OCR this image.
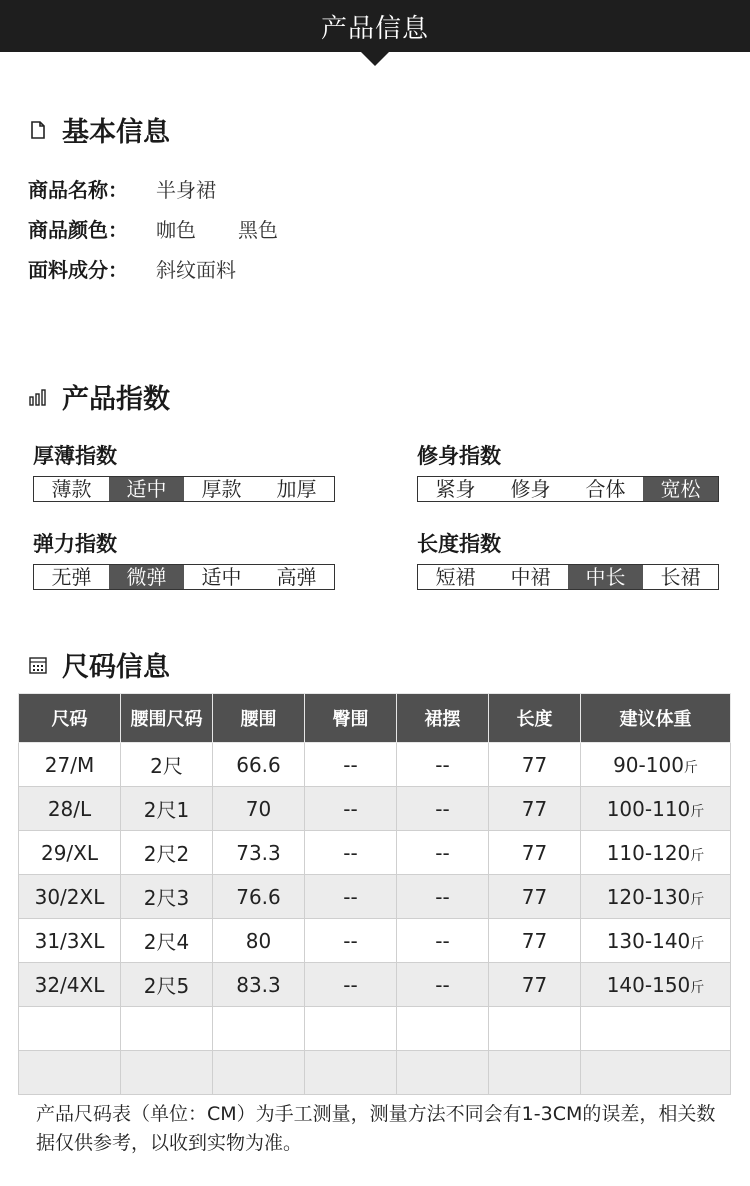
产品信息
基本信息
商品名称：	半身裙
商品颜色：	咖色 黑色
面料成分：	斜纹面料
产品指数
厚薄指数
薄款	适中	厚款	加厚
修身指数
紧身	修身	合体	宽松
弹力指数
无弹	微弹	适中	高弹
长度指数
短裙	中裙	中长	长裙
尺码信息
尺码	腰围尺码	腰围	臀围	裙摆	长度	建议体重
27/M	2尺	66.6	--	--	77	90-100斤
28/L	2尺1	70	--	--	77	100-110斤
29/XL	2尺2	73.3	--	--	77	110-120斤
30/2XL	2尺3	76.6	--	--	77	120-130斤
31/3XL	2尺4	80	--	--	77	130-140斤
32/4XL	2尺5	83.3	--	--	77	140-150斤

产品尺码表（单位：CM）为手工测量，测量方法不同会有1-3CM的误差，相关数据仅供参考，以收到实物为准。
